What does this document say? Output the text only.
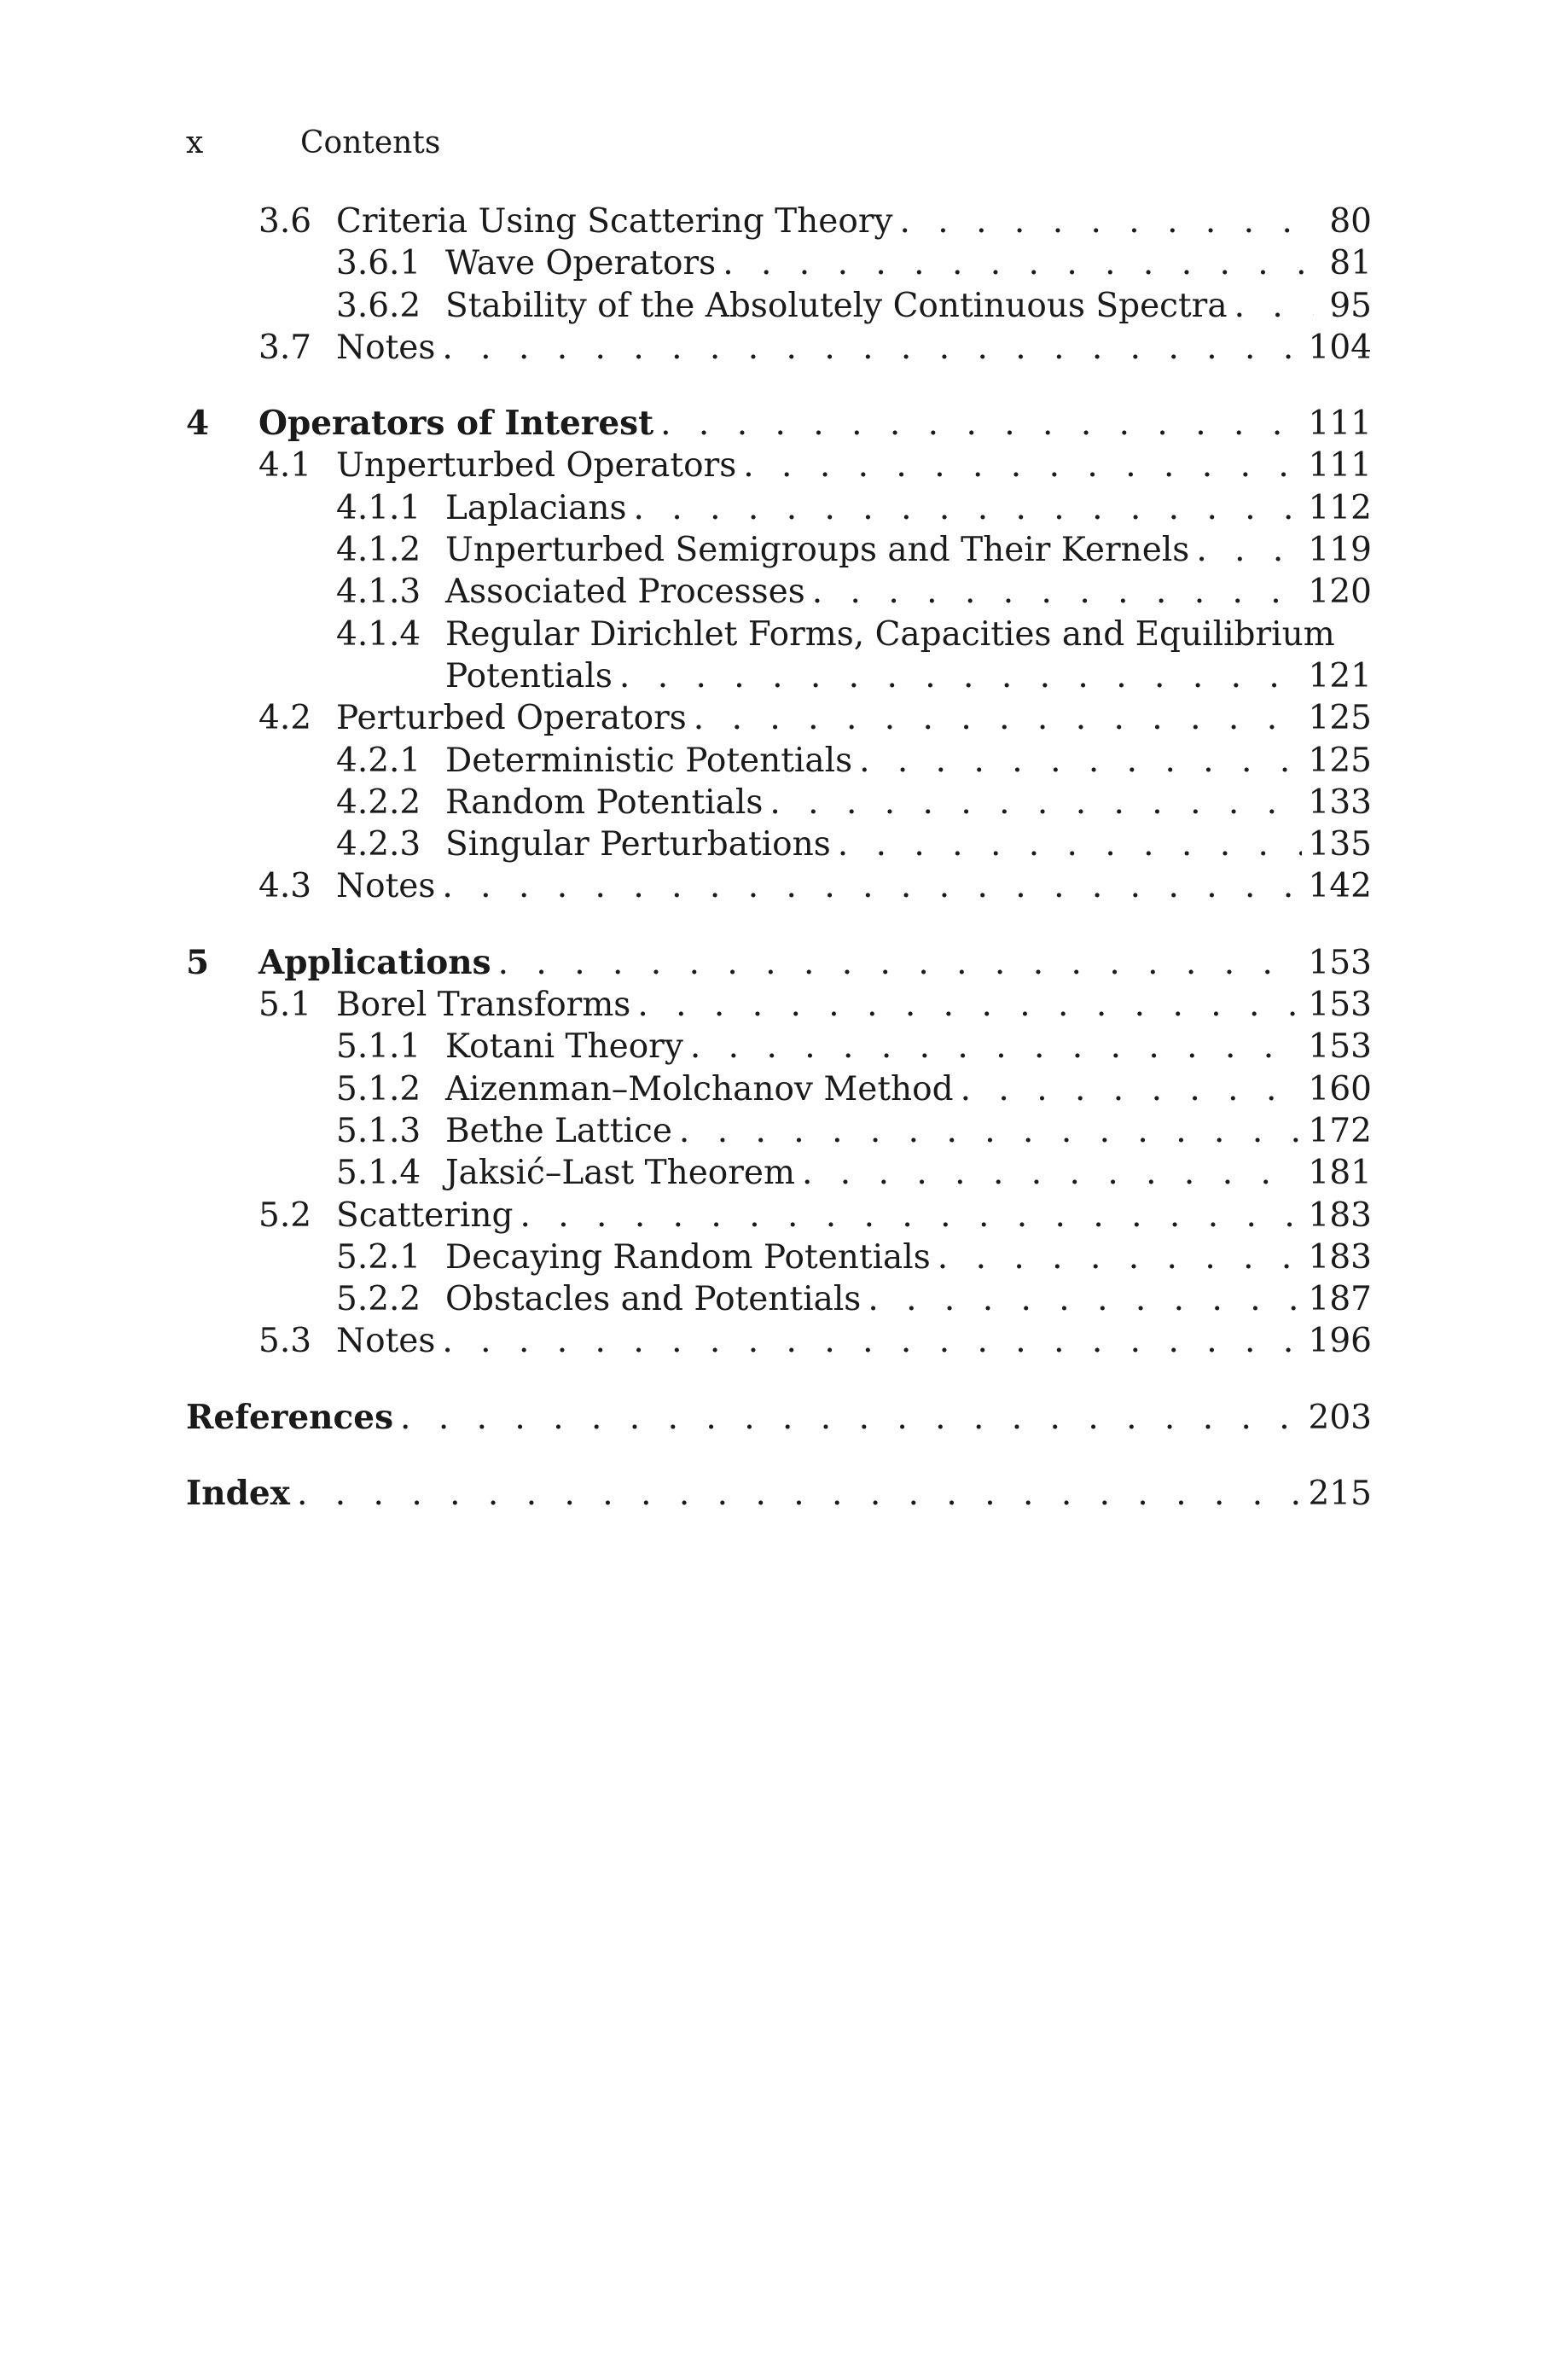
x	Contents
3.6 Criteria Using Scattering Theory . . .	80
3.6.1 Wave Operators . . .	81
3.6.2 Stability of the Absolutely Continuous Spectra . . .	95
3.7 Notes . . .	104
4 Operators of Interest . . .	111
4.1 Unperturbed Operators . . .	111
4.1.1 Laplacians . . .	112
4.1.2 Unperturbed Semigroups and Their Kernels . . .	119
4.1.3 Associated Processes . . .	120
4.1.4 Regular Dirichlet Forms, Capacities and Equilibrium
Potentials . . .	121
4.2 Perturbed Operators . . .	125
4.2.1 Deterministic Potentials . . .	125
4.2.2 Random Potentials . . .	133
4.2.3 Singular Perturbations . . .	135
4.3 Notes . . .	142
5 Applications . . .	153
5.1 Borel Transforms . . .	153
5.1.1 Kotani Theory . . .	153
5.1.2 Aizenman–Molchanov Method . . .	160
5.1.3 Bethe Lattice . . .	172
5.1.4 Jaksić–Last Theorem . . .	181
5.2 Scattering . . .	183
5.2.1 Decaying Random Potentials . . .	183
5.2.2 Obstacles and Potentials . . .	187
5.3 Notes . . .	196
References . . .	203
Index . . .	215
